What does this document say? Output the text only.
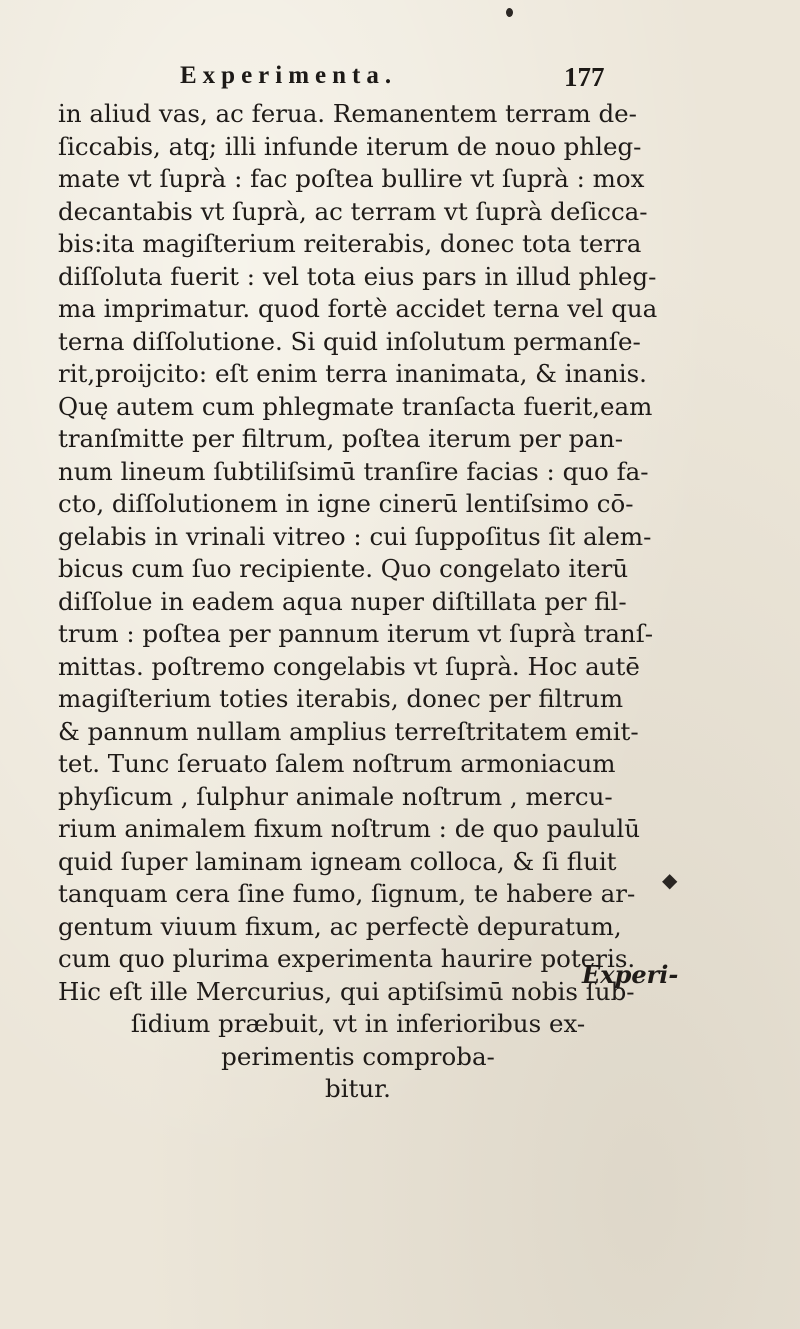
Experimenta.	177
in aliud vas, ac ferua. Remanentem terram de-
ſiccabis, atq; illi infunde iterum de nouo phleg-
mate vt ſuprà : fac poſtea bullire vt ſuprà : mox
decantabis vt ſuprà, ac terram vt ſuprà deſicca-
bis:ita magiſterium reiterabis, donec tota terra
diſſoluta fuerit : vel tota eius pars in illud phleg-
ma imprimatur. quod fortè accidet terna vel qua
terna diſſolutione. Si quid inſolutum permanſe-
rit,proijcito: eſt enim terra inanimata, & inanis.
Quę autem cum phlegmate tranſacta fuerit,eam
tranſmitte per filtrum, poſtea iterum per pan-
num lineum ſubtiliſsimū tranſire facias : quo fa-
cto, diſſolutionem in igne cinerū lentiſsimo cō-
gelabis in vrinali vitreo : cui ſuppoſitus ſit alem-
bicus cum ſuo recipiente. Quo congelato iterū
diſſolue in eadem aqua nuper diſtillata per fil-
trum : poſtea per pannum iterum vt ſuprà tranſ-
mittas. poſtremo congelabis vt ſuprà. Hoc autē
magiſterium toties iterabis, donec per filtrum
& pannum nullam amplius terreſtritatem emit-
tet. Tunc ſeruato ſalem noſtrum armoniacum
phyſicum , ſulphur animale noſtrum , mercu-
rium animalem fixum noſtrum : de quo paululū
quid ſuper laminam igneam colloca, & ſi fluit
tanquam cera ſine fumo, ſignum, te habere ar-
gentum viuum fixum, ac perfectè depuratum,
cum quo plurima experimenta haurire poteris.
Hic eſt ille Mercurius, qui aptiſsimū nobis ſub-
ſidium præbuit, vt in inferioribus ex-
perimentis comproba-
bitur.
Experi-
◆
